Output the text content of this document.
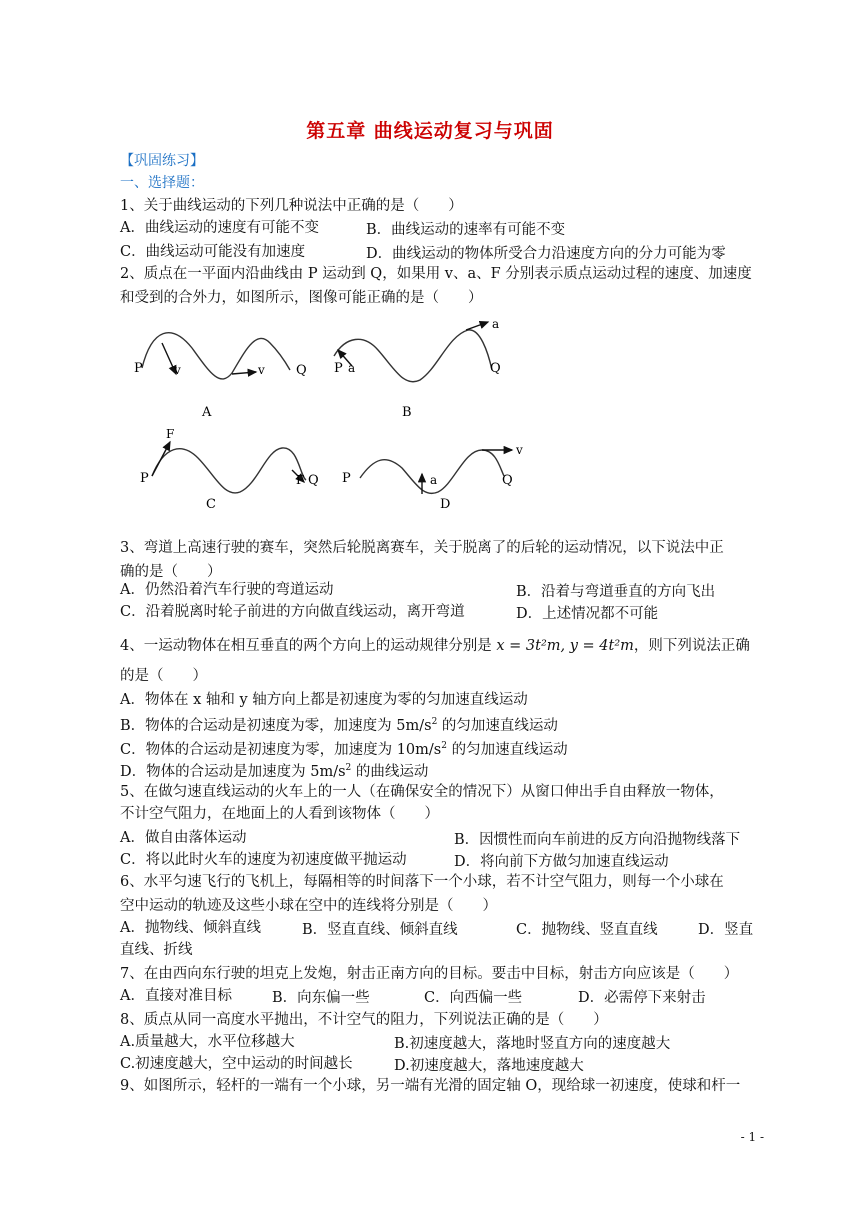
第五章 曲线运动复习与巩固
【巩固练习】
一、选择题：
1、关于曲线运动的下列几种说法中正确的是（　　）
A．曲线运动的速度有可能不变	B．曲线运动的速率有可能不变
C．曲线运动可能没有加速度	D．曲线运动的物体所受合力沿速度方向的分力可能为零
2、质点在一平面内沿曲线由 P 运动到 Q，如果用 v、a、F 分别表示质点运动过程的速度、加速度
和受到的合外力，如图所示，图像可能正确的是（　　）
P	v	v Q
A
P a
a
Q
B
P
F
F Q
C
P	a
v
Q
D
3、弯道上高速行驶的赛车，突然后轮脱离赛车，关于脱离了的后轮的运动情况，以下说法中正
确的是（　　）
A．仍然沿着汽车行驶的弯道运动	B．沿着与弯道垂直的方向飞出
C．沿着脱离时轮子前进的方向做直线运动，离开弯道	D．上述情况都不可能
4、一运动物体在相互垂直的两个方向上的运动规律分别是 x = 3t²m, y = 4t²m，则下列说法正确
的是（　　）
A．物体在 x 轴和 y 轴方向上都是初速度为零的匀加速直线运动
B．物体的合运动是初速度为零，加速度为 $5m/s^2$ 的匀加速直线运动
C．物体的合运动是初速度为零，加速度为 $10m/s^2$ 的匀加速直线运动
D．物体的合运动是加速度为 $5m/s^2$ 的曲线运动
5、在做匀速直线运动的火车上的一人（在确保安全的情况下）从窗口伸出手自由释放一物体，
不计空气阻力，在地面上的人看到该物体（　　）
A．做自由落体运动	B．因惯性而向车前进的反方向沿抛物线落下
C．将以此时火车的速度为初速度做平抛运动	D．将向前下方做匀加速直线运动
6、水平匀速飞行的飞机上，每隔相等的时间落下一个小球，若不计空气阻力，则每一个小球在
空中运动的轨迹及这些小球在空中的连线将分别是（　　）
A．抛物线、倾斜直线	B．竖直直线、倾斜直线	C．抛物线、竖直直线	D．竖直
直线、折线
7、在由西向东行驶的坦克上发炮，射击正南方向的目标。要击中目标，射击方向应该是（　　）
A．直接对准目标	B．向东偏一些	C．向西偏一些	D．必需停下来射击
8、质点从同一高度水平抛出，不计空气的阻力，下列说法正确的是（　　）
A.质量越大，水平位移越大	B.初速度越大，落地时竖直方向的速度越大
C.初速度越大，空中运动的时间越长	D.初速度越大，落地速度越大
9、如图所示，轻杆的一端有一个小球，另一端有光滑的固定轴 O，现给球一初速度，使球和杆一
- 1 -
